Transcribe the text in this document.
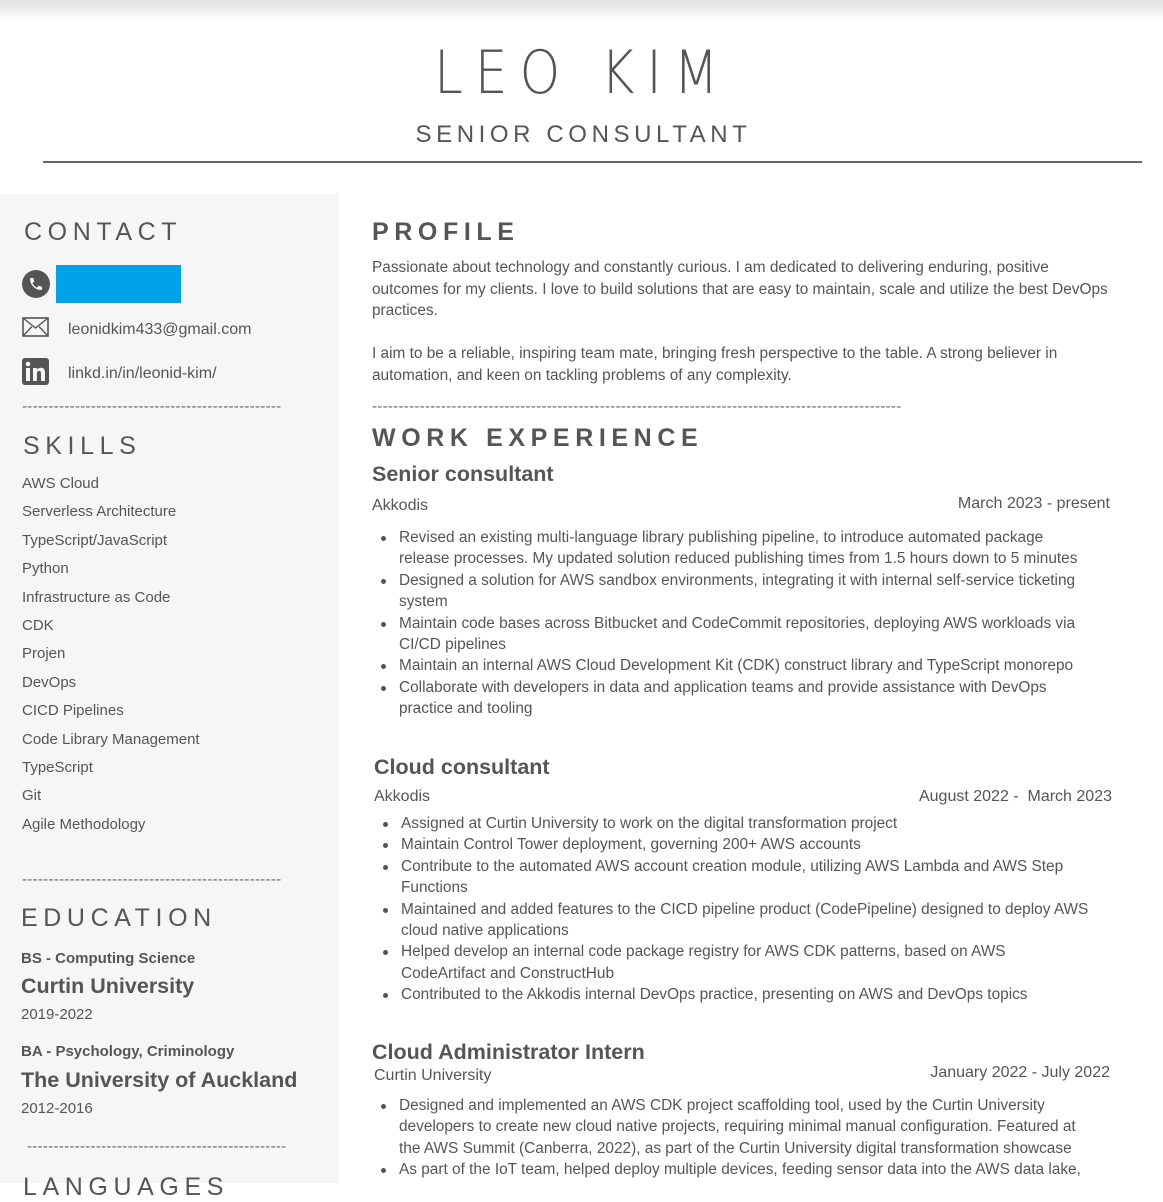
LEO KIM
SENIOR CONSULTANT
CONTACT
leonidkim433@gmail.com
linkd.in/in/leonid-kim/
-------------------------------------------------
SKILLS
AWS Cloud
Serverless Architecture
TypeScript/JavaScript
Python
Infrastructure as Code
CDK
Projen
DevOps
CICD Pipelines
Code Library Management
TypeScript
Git
Agile Methodology
-------------------------------------------------
EDUCATION
BS - Computing Science
Curtin University
2019-2022
BA - Psychology, Criminology
The University of Auckland
2012-2016
-------------------------------------------------
LANGUAGES
PROFILE

Passionate about technology and constantly curious. I am dedicated to delivering enduring, positive outcomes for my clients. I love to build solutions that are easy to maintain, scale and utilize the best DevOps practices.

I aim to be a reliable, inspiring team mate, bringing fresh perspective to the table. A strong believer in automation, and keen on tackling problems of any complexity.

----------------------------------------------------------------------------------------------------
WORK EXPERIENCE
Senior consultant
Akkodis	March 2023 - present
Revised an existing multi-language library publishing pipeline, to introduce automated package release processes. My updated solution reduced publishing times from 1.5 hours down to 5 minutes
Designed a solution for AWS sandbox environments, integrating it with internal self-service ticketing system
Maintain code bases across Bitbucket and CodeCommit repositories, deploying AWS workloads via CI/CD pipelines
Maintain an internal AWS Cloud Development Kit (CDK) construct library and TypeScript monorepo
Collaborate with developers in data and application teams and provide assistance with DevOps practice and tooling
Cloud consultant
Akkodis	August 2022 -  March 2023
Assigned at Curtin University to work on the digital transformation project
Maintain Control Tower deployment, governing 200+ AWS accounts
Contribute to the automated AWS account creation module, utilizing AWS Lambda and AWS Step Functions
Maintained and added features to the CICD pipeline product (CodePipeline) designed to deploy AWS cloud native applications
Helped develop an internal code package registry for AWS CDK patterns, based on AWS CodeArtifact and ConstructHub
Contributed to the Akkodis internal DevOps practice, presenting on AWS and DevOps topics
Cloud Administrator Intern
Curtin University	January 2022 - July 2022
Designed and implemented an AWS CDK project scaffolding tool, used by the Curtin University developers to create new cloud native projects, requiring minimal manual configuration. Featured at the AWS Summit (Canberra, 2022), as part of the Curtin University digital transformation showcase
As part of the IoT team, helped deploy multiple devices, feeding sensor data into the AWS data lake,
